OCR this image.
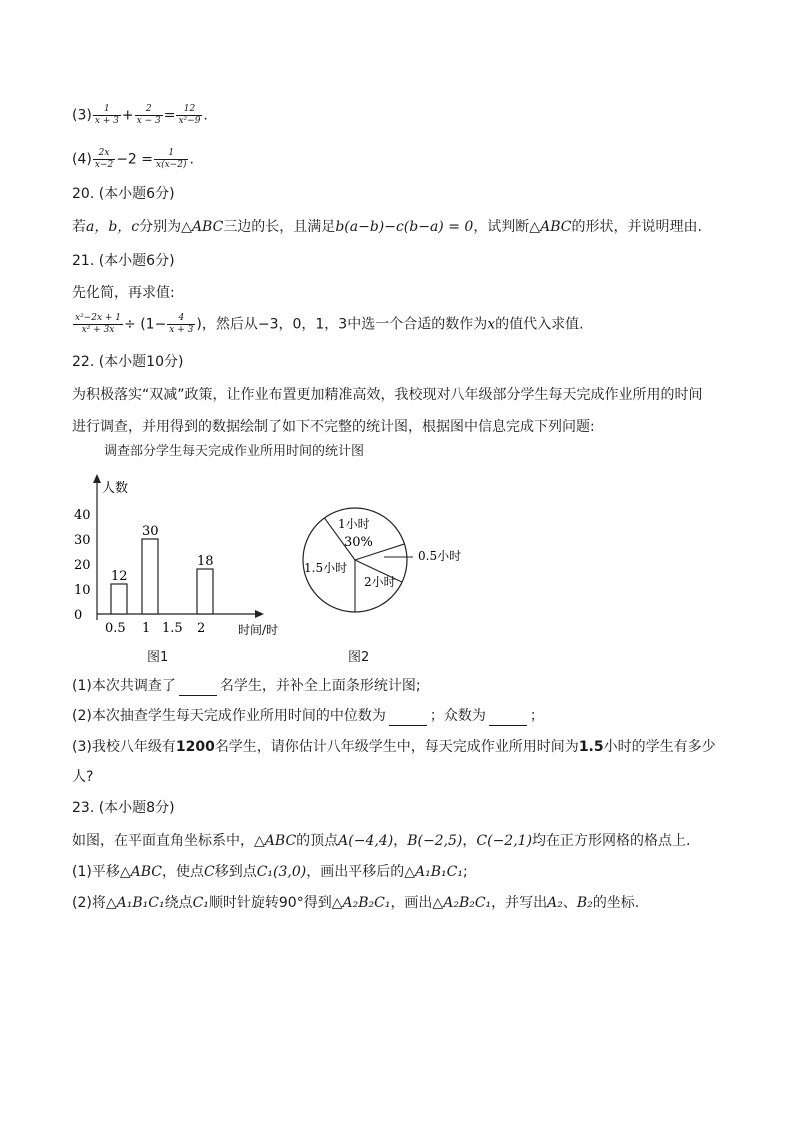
$(3) \frac{1}{x + 3} + \frac{2}{x - 3} = \frac{12}{\text{x²−9}}$ .
$(4) \frac{2x}{x-2} -2 = \frac{1}{x(x-2)}$ .
20. (本小题6分)
若a，b，c分别为△ABC三边的长，且满足b(a−b)−c(b−a) = 0，试判断△ABC的形状，并说明理由.
21. (本小题6分)
先化简，再求值:
$\frac{\text{x²−2x + 1}}{\text{x² + 3x}} \div (1- \frac{4}{x + 3}$ )，然后从−3，0，1，3中选一个合适的数作为x的值代入求值.
22. (本小题10分)
为积极落实“双减”政策，让作业布置更加精准高效，我校现对八年级部分学生每天完成作业所用的时间
进行调查，并用得到的数据绘制了如下不完整的统计图，根据图中信息完成下列问题:
调查部分学生每天完成作业所用时间的统计图
人数
时间/时
0
10
20
30
40
0.5 1 1.5 2
12
30
18
图1
1小时
30%
0.5小时
2小时
1.5小时
图2
(1)本次共调查了	名学生，并补全上面条形统计图;
(2)本次抽查学生每天完成作业所用时间的中位数为	；众数为	；
(3)我校八年级有1200名学生，请你估计八年级学生中，每天完成作业所用时间为1.5小时的学生有多少
人?
23. (本小题8分)
如图，在平面直角坐标系中，△ABC的顶点A(−4,4)，B(−2,5)，C(−2,1)均在正方形网格的格点上.
(1)平移△ABC，使点C移到点C₁(3,0)，画出平移后的△A₁B₁C₁;
(2)将△A₁B₁C₁绕点C₁顺时针旋转90°得到△A₂B₂C₁，画出△A₂B₂C₁，并写出A₂、B₂的坐标.
